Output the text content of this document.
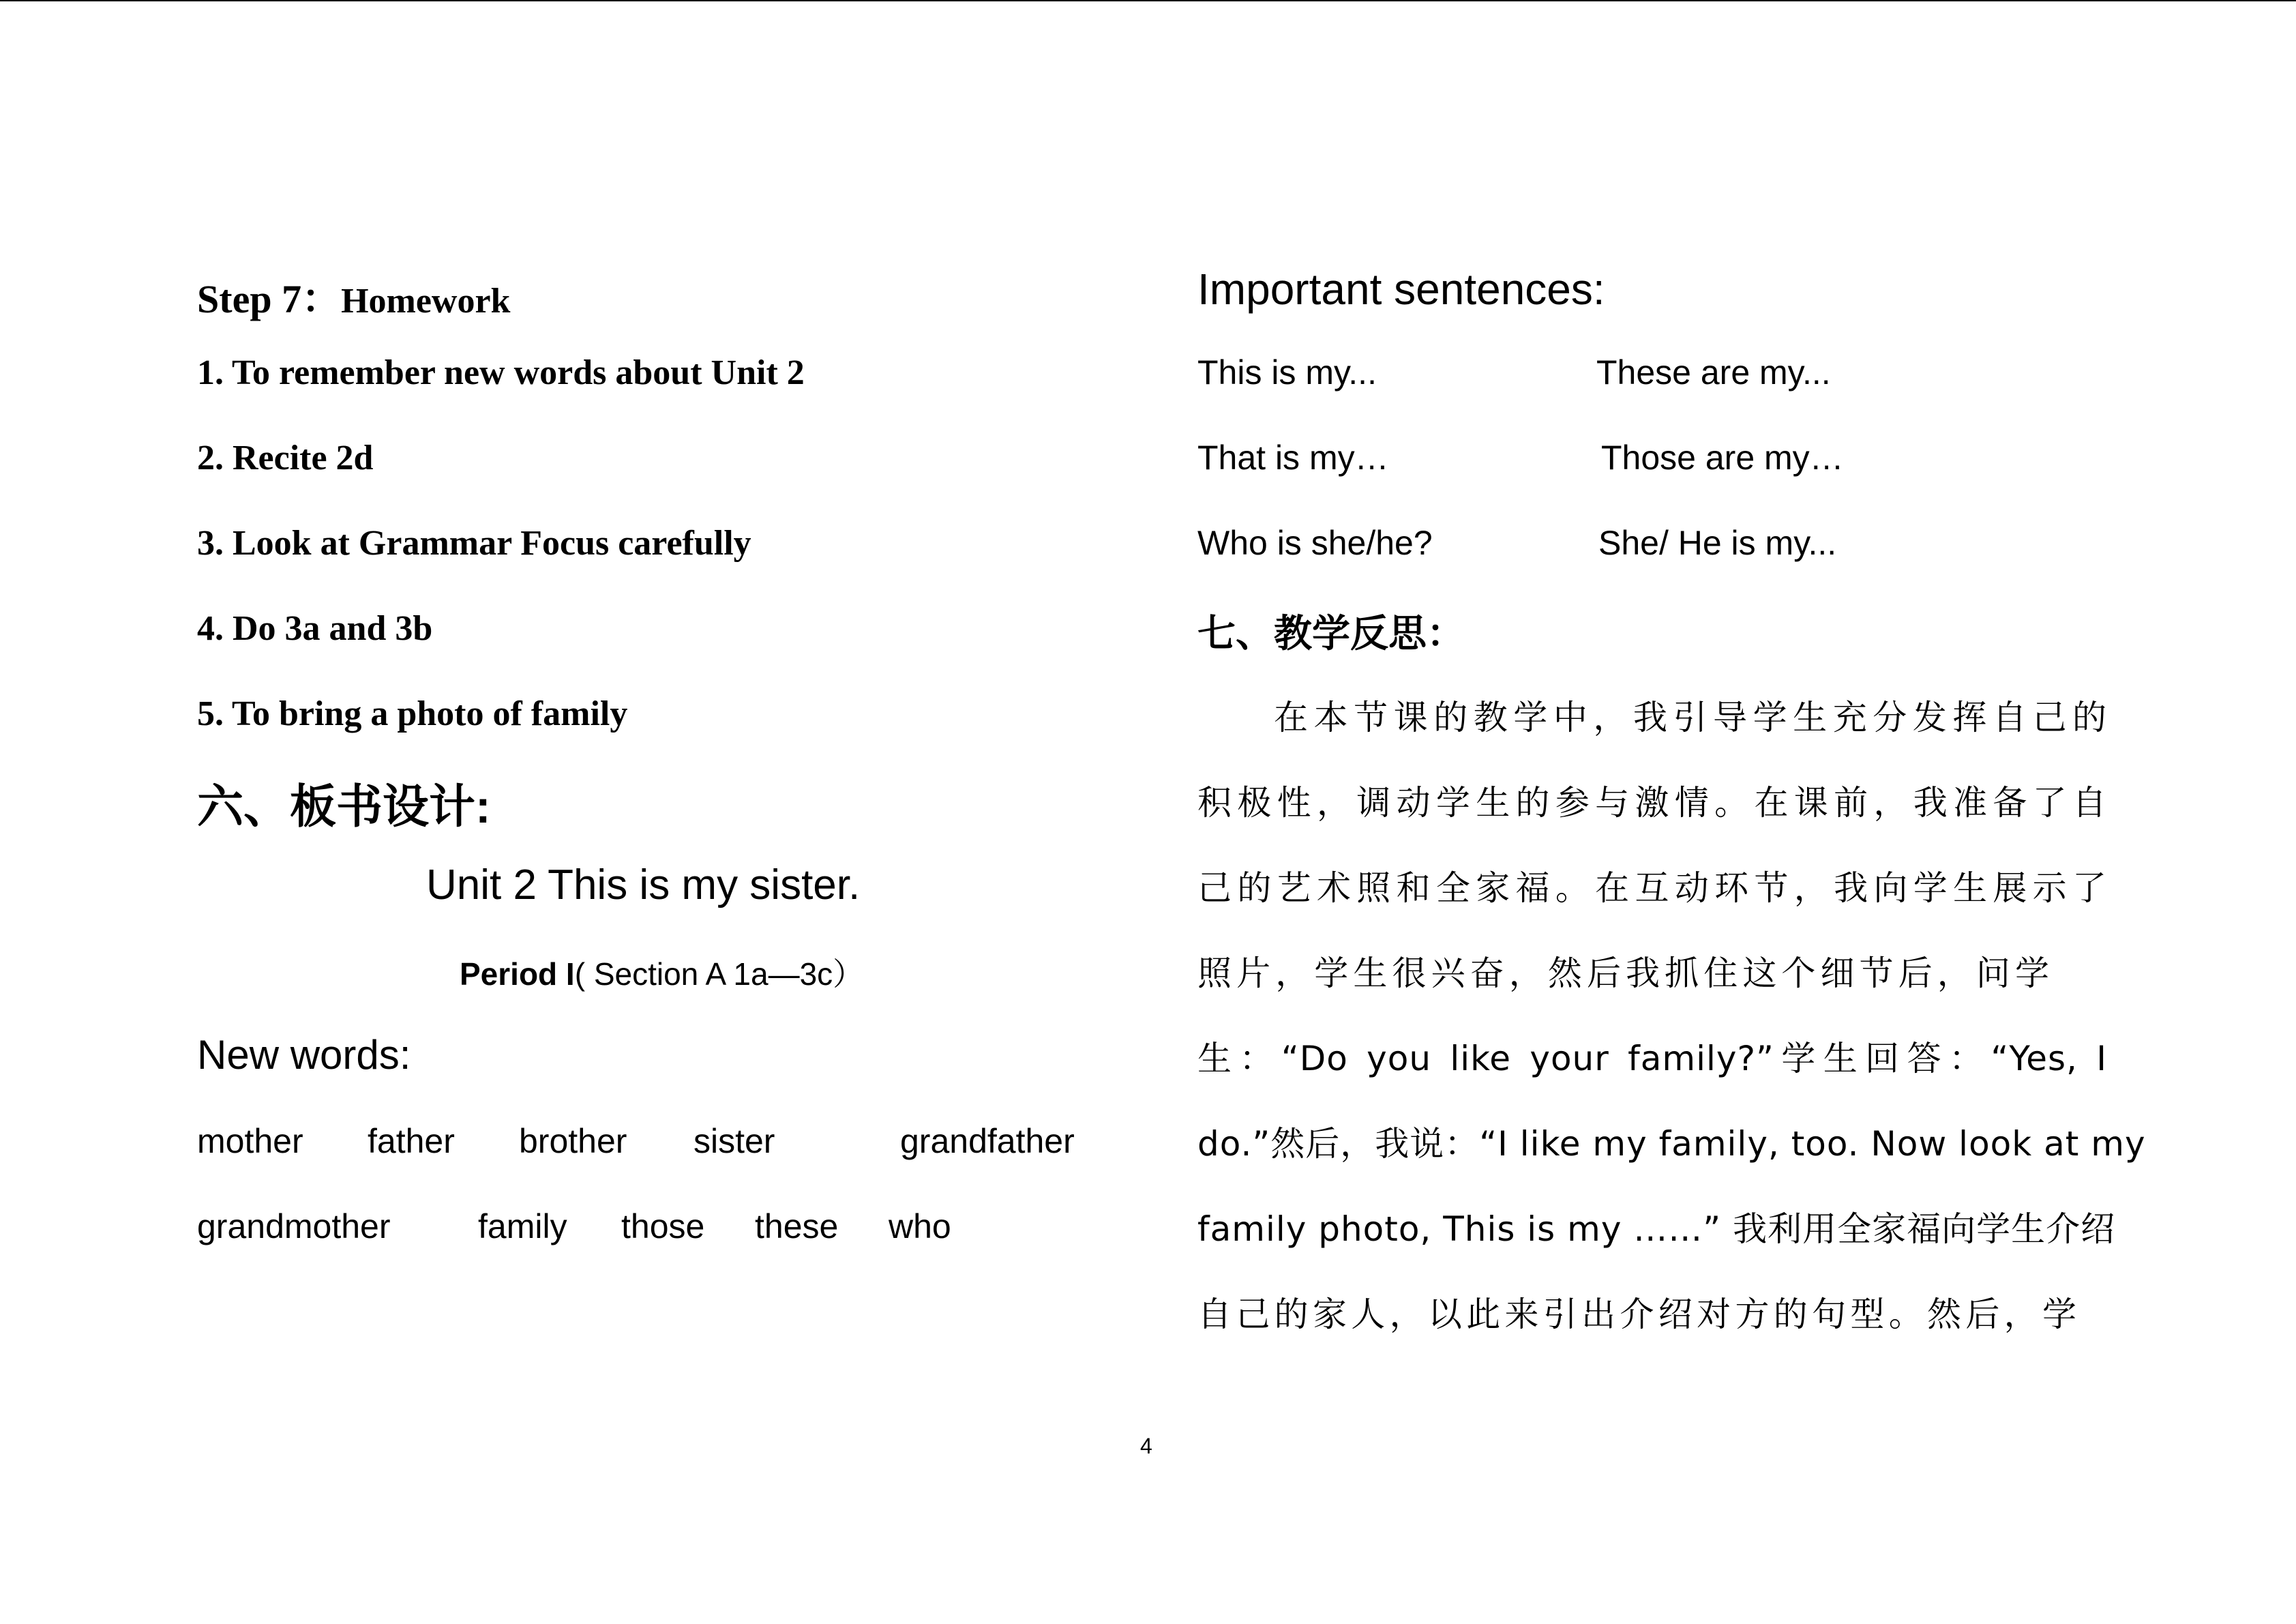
Step 7：Homework
1. To remember new words about Unit 2
2. Recite 2d
3. Look at Grammar Focus carefully
4. Do 3a and 3b
5. To bring a photo of family
六、板书设计:
Unit 2 This is my sister.
Period I( Section A 1a—3c）
New words:
mother father brother sister	grandfather
grandmother	family those these who
Important sentences:
This is my...	These are my...
That is my…	Those are my…
Who is she/he?	She/ He is my...
七、教学反思：
在本节课的教学中，我引导学生充分发挥自己的
积极性，调动学生的参与激情。在课前，我准备了自
己的艺术照和全家福。在互动环节，我向学生展示了
照片，学生很兴奋，然后我抓住这个细节后，问学
生：“Do you like your family?”学生回答：“Yes, I
do.”然后，我说：“I like my family, too. Now look at my
family photo, This is my ……” 我利用全家福向学生介绍
自己的家人，以此来引出介绍对方的句型。然后，学
4
